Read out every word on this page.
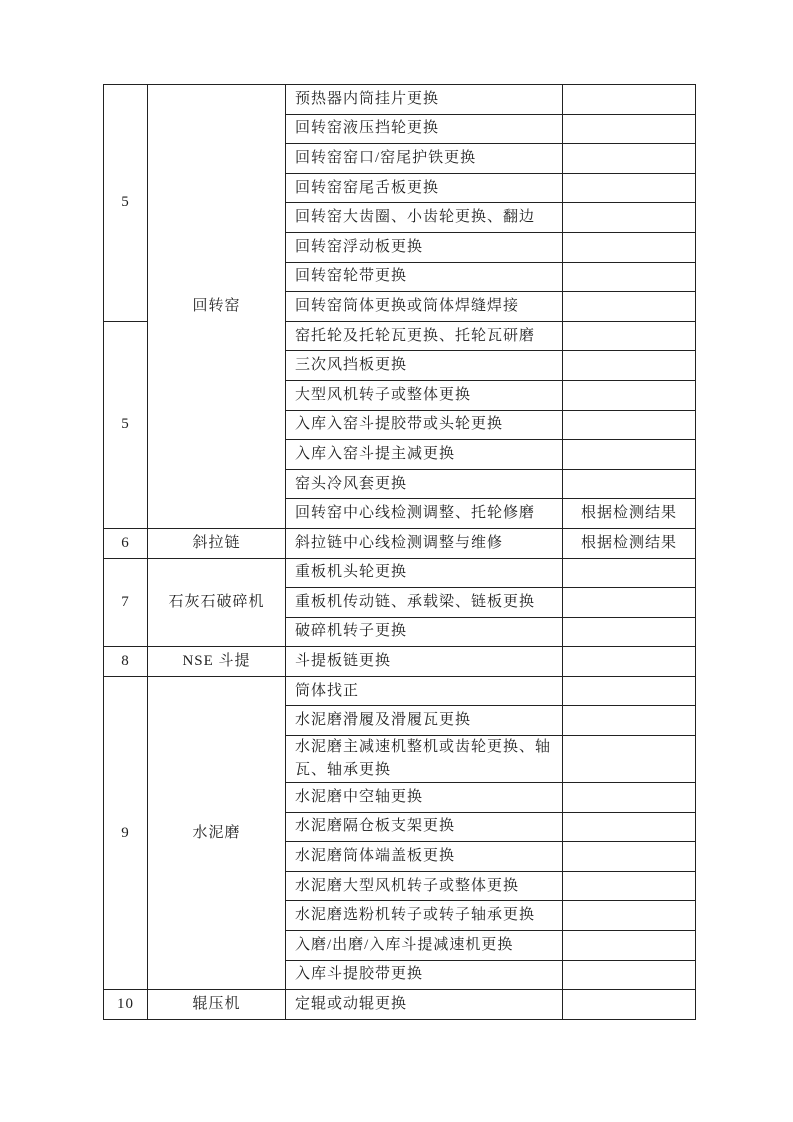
5	回转窑	预热器内筒挂片更换	
		回转窑液压挡轮更换	
		回转窑窑口/窑尾护铁更换	
		回转窑窑尾舌板更换	
		回转窑大齿圈、小齿轮更换、翻边	
		回转窑浮动板更换	
		回转窑轮带更换	
		回转窑筒体更换或筒体焊缝焊接	
5		窑托轮及托轮瓦更换、托轮瓦研磨	
		三次风挡板更换	
		大型风机转子或整体更换	
		入库入窑斗提胶带或头轮更换	
		入库入窑斗提主减更换	
		窑头冷风套更换	
		回转窑中心线检测调整、托轮修磨	根据检测结果
6	斜拉链	斜拉链中心线检测调整与维修	根据检测结果
7	石灰石破碎机	重板机头轮更换	
		重板机传动链、承载梁、链板更换	
		破碎机转子更换	
8	NSE 斗提	斗提板链更换	
9	水泥磨	筒体找正	
		水泥磨滑履及滑履瓦更换	
		水泥磨主减速机整机或齿轮更换、轴瓦、轴承更换	
		水泥磨中空轴更换	
		水泥磨隔仓板支架更换	
		水泥磨筒体端盖板更换	
		水泥磨大型风机转子或整体更换	
		水泥磨选粉机转子或转子轴承更换	
		入磨/出磨/入库斗提减速机更换	
		入库斗提胶带更换	
10	辊压机	定辊或动辊更换	
